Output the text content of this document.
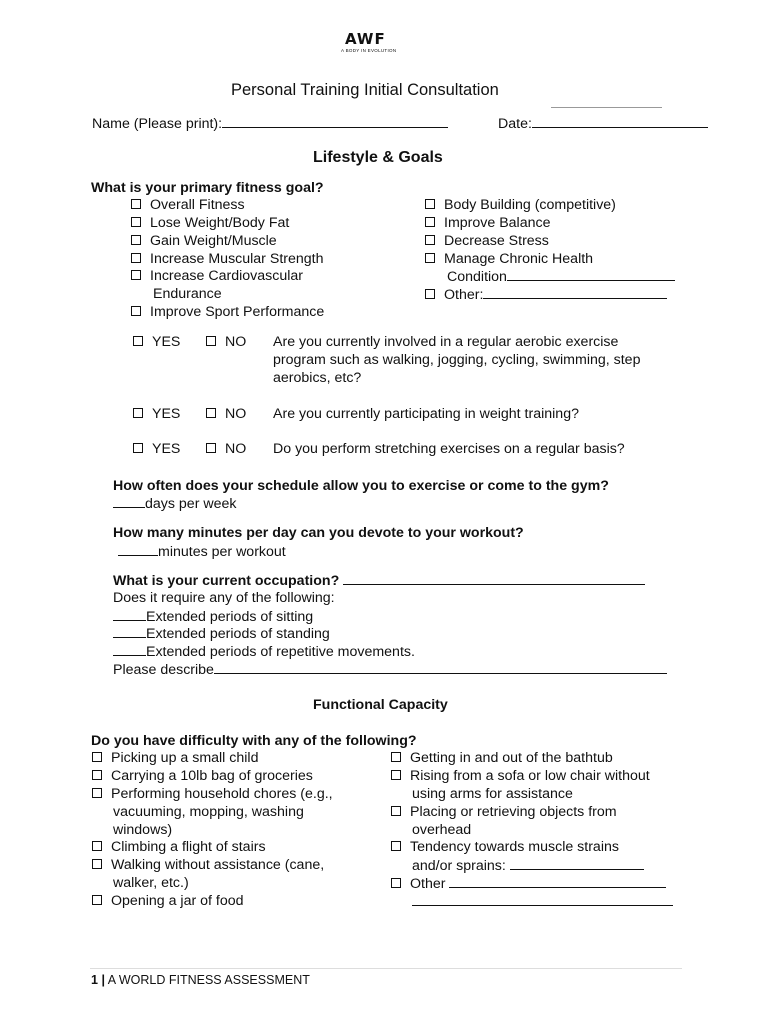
AWF
A BODY IN EVOLUTION
Personal Training Initial Consultation
Name (Please print):	Date:
Lifestyle & Goals
What is your primary fitness goal?
Overall Fitness
Lose Weight/Body Fat
Gain Weight/Muscle
Increase Muscular Strength
Increase Cardiovascular
Endurance
Improve Sport Performance
Body Building (competitive)
Improve Balance
Decrease Stress
Manage Chronic Health
Condition
Other:
YES	NO Are you currently involved in a regular aerobic exercise
program such as walking, jogging, cycling, swimming, step
aerobics, etc?
YES	NO Are you currently participating in weight training?
YES	NO Do you perform stretching exercises on a regular basis?
How often does your schedule allow you to exercise or come to the gym?
days per week
How many minutes per day can you devote to your workout?
minutes per workout
What is your current occupation?
Does it require any of the following:
Extended periods of sitting
Extended periods of standing
Extended periods of repetitive movements.
Please describe
Functional Capacity
Do you have difficulty with any of the following?
Picking up a small child
Carrying a 10lb bag of groceries
Performing household chores (e.g.,
vacuuming, mopping, washing
windows)
Climbing a flight of stairs
Walking without assistance (cane,
walker, etc.)
Opening a jar of food
Getting in and out of the bathtub
Rising from a sofa or low chair without
using arms for assistance
Placing or retrieving objects from
overhead
Tendency towards muscle strains
and/or sprains:
Other
1 | A WORLD FITNESS ASSESSMENT
